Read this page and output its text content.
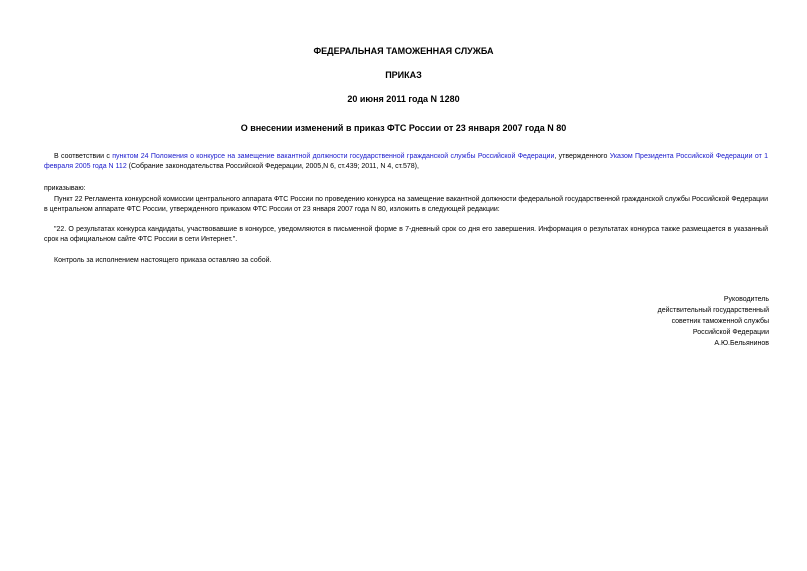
ФЕДЕРАЛЬНАЯ ТАМОЖЕННАЯ СЛУЖБА
ПРИКАЗ
20 июня 2011 года N 1280
О внесении изменений в приказ ФТС России от 23 января 2007 года N 80
В соответствии с пунктом 24 Положения о конкурсе на замещение вакантной должности государственной гражданской службы Российской Федерации, утвержденного Указом Президента Российской Федерации от 1 февраля 2005 года N 112 (Собрание законодательства Российской Федерации, 2005,N 6, ст.439; 2011, N 4, ст.578),
приказываю:
Пункт 22 Регламента конкурсной комиссии центрального аппарата ФТС России по проведению конкурса на замещение вакантной должности федеральной государственной гражданской службы Российской Федерации в центральном аппарате ФТС России, утвержденного приказом ФТС России от 23 января 2007 года N 80, изложить в следующей редакции:
"22. О результатах конкурса кандидаты, участвовавшие в конкурсе, уведомляются в письменной форме в 7-дневный срок со дня его завершения. Информация о результатах конкурса также размещается в указанный срок на официальном сайте ФТС России в сети Интернет.".
Контроль за исполнением настоящего приказа оставляю за собой.
Руководитель
действительный государственный
советник таможенной службы
Российской Федерации
А.Ю.Бельянинов
